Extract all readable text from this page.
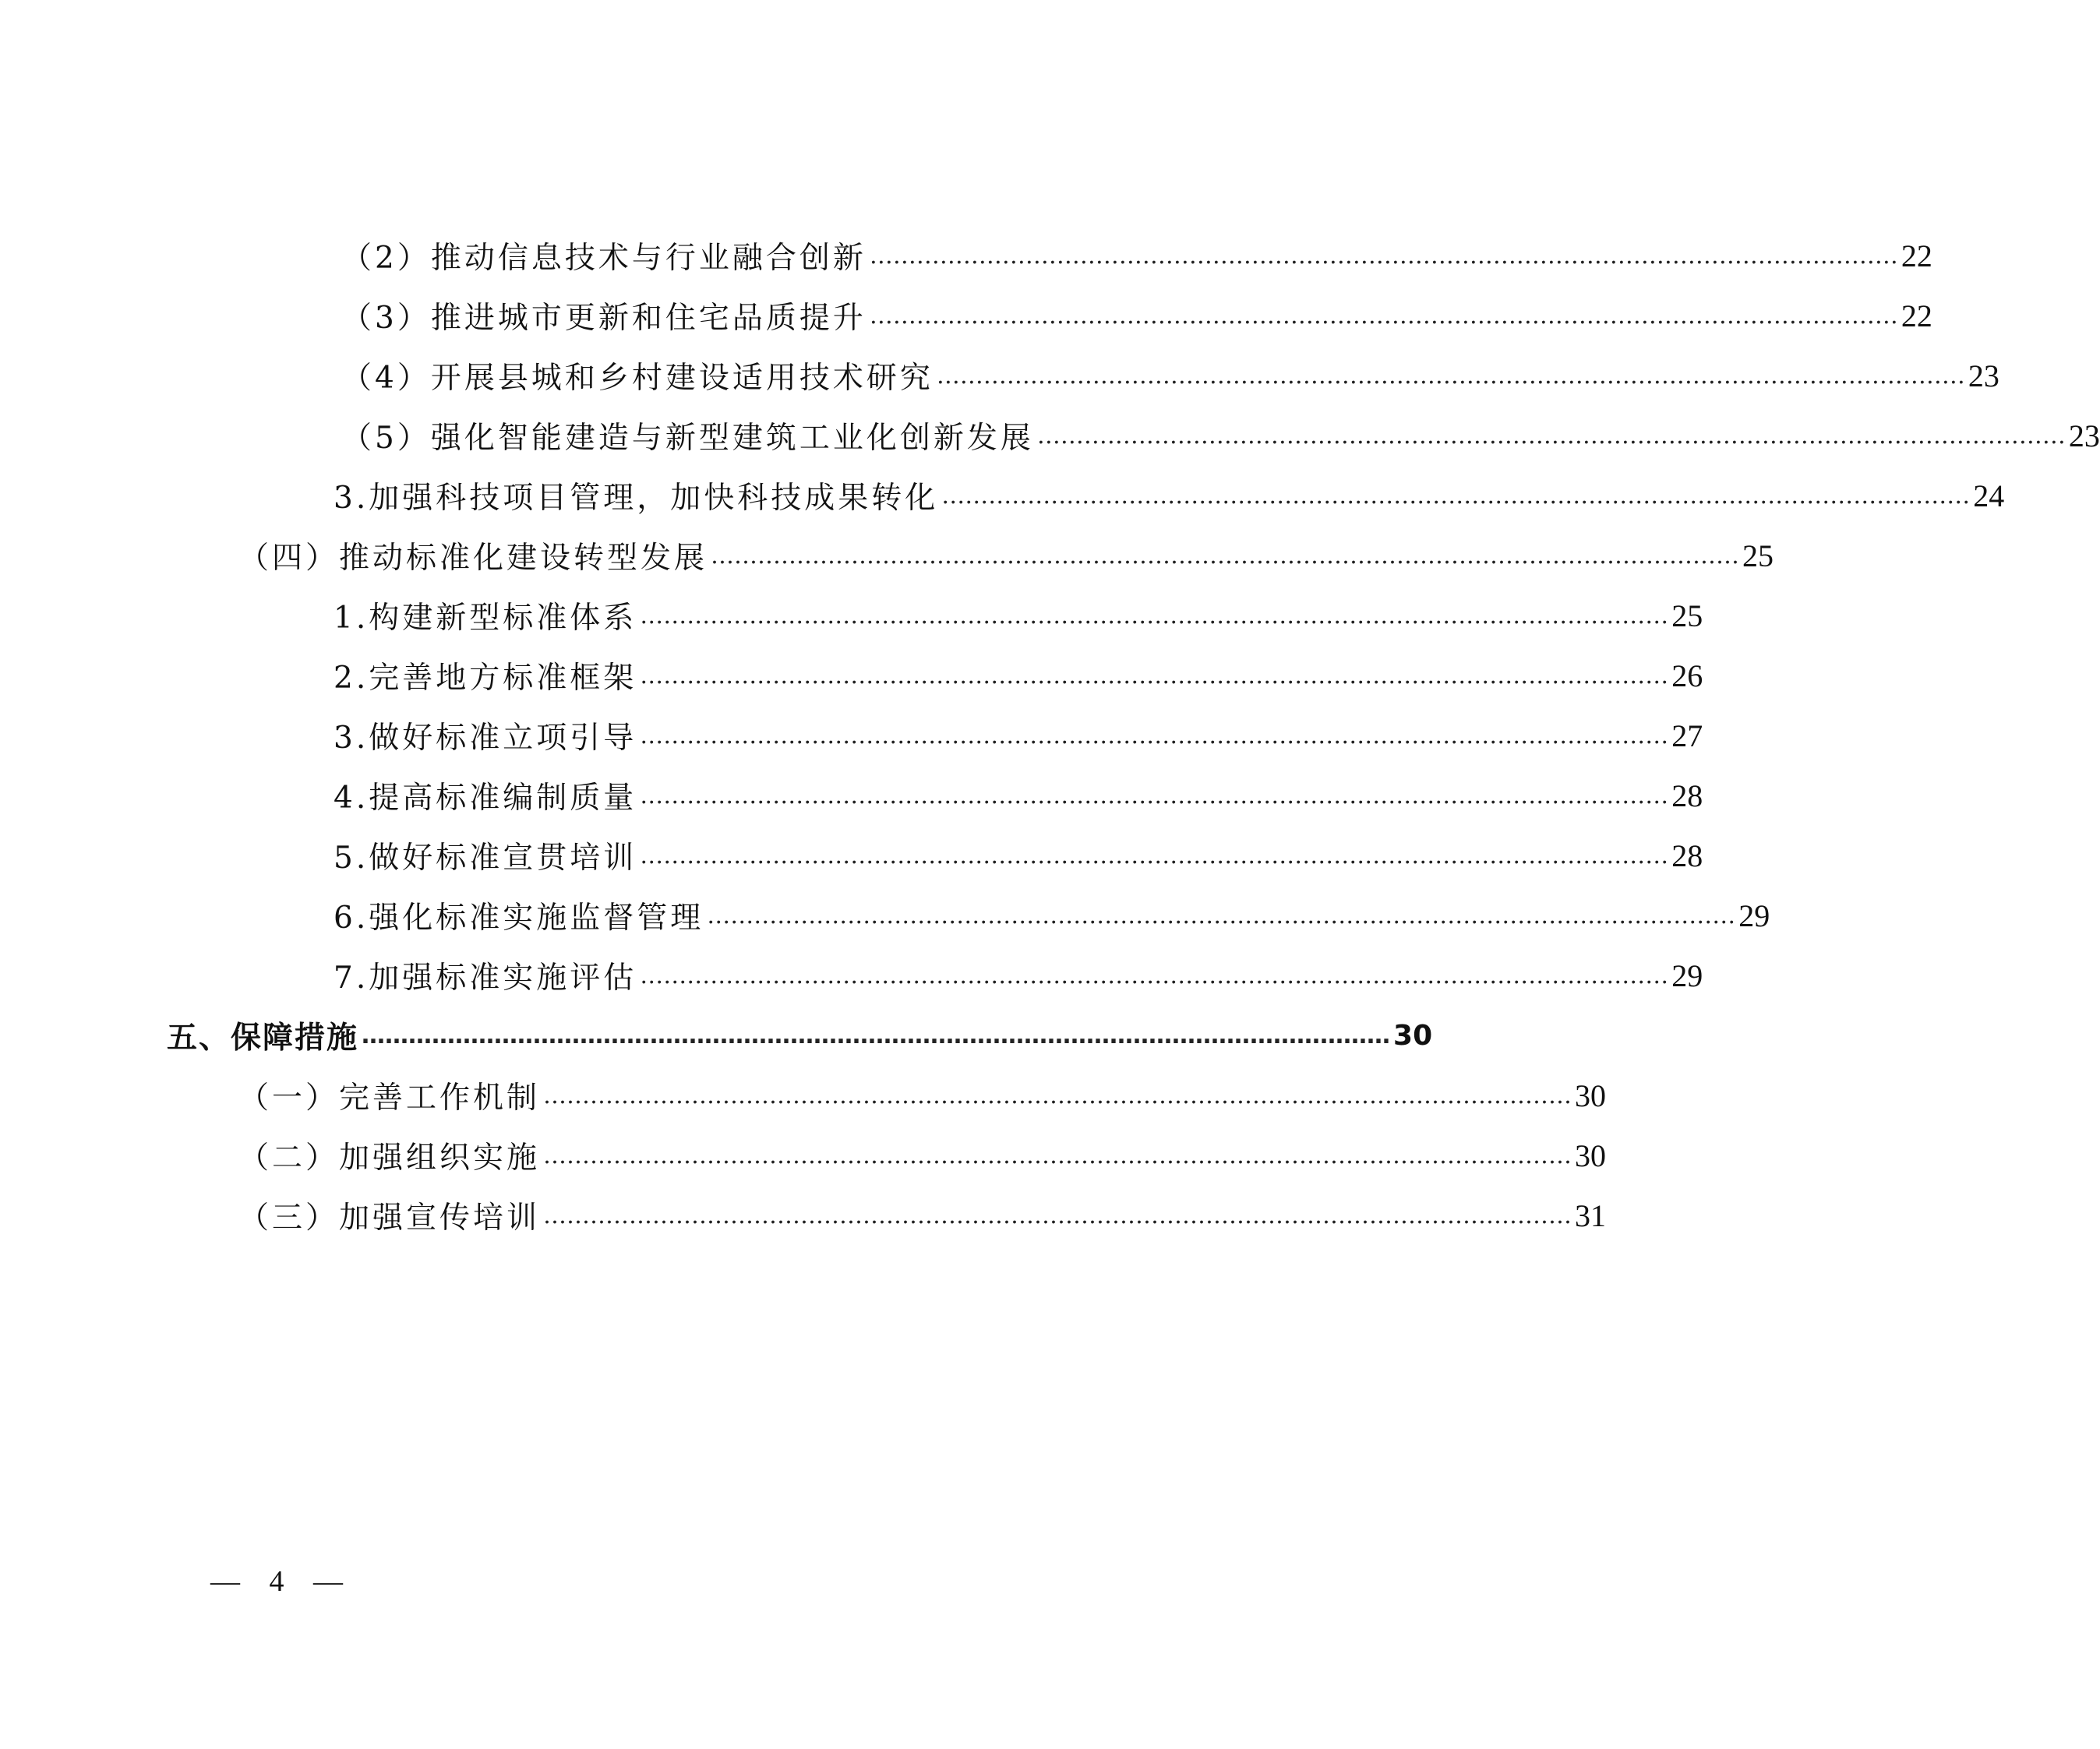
（2）推动信息技术与行业融合创新 …………………………………………………………………………………………………………………… 22
（3）推进城市更新和住宅品质提升 …………………………………………………………………………………………………………………… 22
（4）开展县城和乡村建设适用技术研究 …………………………………………………………………………………………………………………… 23
（5）强化智能建造与新型建筑工业化创新发展 …………………………………………………………………………………………………………………… 23
3.加强科技项目管理，加快科技成果转化 …………………………………………………………………………………………………………………… 24
（四）推动标准化建设转型发展 …………………………………………………………………………………………………………………… 25
1.构建新型标准体系 …………………………………………………………………………………………………………………… 25
2.完善地方标准框架 …………………………………………………………………………………………………………………… 26
3.做好标准立项引导 …………………………………………………………………………………………………………………… 27
4.提高标准编制质量 …………………………………………………………………………………………………………………… 28
5.做好标准宣贯培训 …………………………………………………………………………………………………………………… 28
6.强化标准实施监督管理 …………………………………………………………………………………………………………………… 29
7.加强标准实施评估 …………………………………………………………………………………………………………………… 29
五、保障措施 …………………………………………………………………………………………………………………… 30
（一）完善工作机制 …………………………………………………………………………………………………………………… 30
（二）加强组织实施 …………………………………………………………………………………………………………………… 30
（三）加强宣传培训 …………………………………………………………………………………………………………………… 31
— 4 —
